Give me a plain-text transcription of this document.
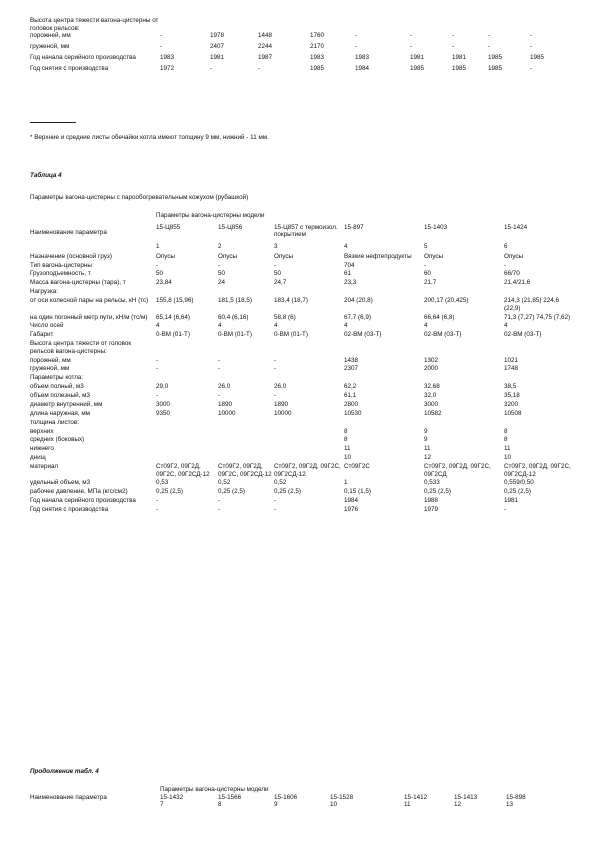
Высота центра тяжести вагона-цистерны от головок рельсов:									
порожней, мм	-	1978	1448	1760	-	-	-	-	-
груженой, мм	-	2407	2244	2170	-	-	-	-	-
Год начала серийного производства	1983	1981	1987	1983	1983	1981	1981	1985	1985
Год снятия с производства	1972	-	-	1985	1984	1985	1985	1985	-
* Верхние и средние листы обечайки котла имеют толщину 9 мм, нижний - 11 мм.
Таблица 4
Параметры вагона-цистерны с парообогревательным кожухом (рубашкой)
	Параметры вагона-цистерны модели					
Наименование параметра	15-Ц855	15-Ц856	15-Ц857 с термоизол. покрытием	15-897	15-1403	15-1424
	1	2	3	4	5	6
Назначение (основной груз)	Опусы	Опусы	Опусы	Вязкие нефтепродукты	Опусы	Опусы
Тип вагона-цистерны	-	-	-	704	-	-
Грузоподъемность, т	50	50	50	61	60	66/70
Масса вагона-цистерны (тара), т	23,84	24	24,7	23,3	21,7	21,4/21,6
Нагрузка:						
от оси колесной пары на рельсы, кН (тс)	155,8 (15,96)	181,5 (18,5)	183,4 (18,7)	204 (20,8)	200,17 (20,425)	214,3 (21,85) 224,6 (22,9)
на один погонный метр пути, кН/м (тс/м)	65,14 (6,64)	60,4 (6,16)	58,8 (6)	67,7 (6,9)	66,64 (6,8)	71,3 (7,27) 74,75 (7,62)
Число осей	4	4	4	4	4	4
Габарит	0-ВМ (01-Т)	0-ВМ (01-Т)	0-ВМ (01-Т)	02-ВМ (03-Т)	02-ВМ (03-Т)	02-ВМ (03-Т)
Высота центра тяжести от головок рельсов вагона-цистерны:						
порожней, мм	-	-	-	1438	1302	1021
груженой, мм	-	-	-	2307	2000	1748
Параметры котла:						
объем полный, м3	29,0	26,0	26,0	62,2	32,68	38,5
объем полезный, м3	-	-	-	61,1	32,0	35,18
диаметр внутренний, мм	3000	1890	1890	2800	3000	3200
длина наружная, мм	9350	10000	10000	10530	10582	10508
толщина листов:						
верхних				8	9	8
средних (боковых)				8	9	8
нижнего				11	11	11
днищ				10	12	10
материал	Ст09Г2, 09Г2Д, 09Г2С, 09Г2СД-12	Ст09Г2, 09Г2Д, 09Г2С, 09Г2СД-12	Ст09Г2, 09Г2Д, 09Г2С, 09Г2СД-12	Ст09Г2С	Ст09Г2, 09Г2Д, 09Г2С, 09Г2СД	Ст09Г2, 09Г2Д, 09Г2С, 09Г2СД-12
удельный объем, м3	0,53	0,52	0,52	1	0,533	0,559/0,50
рабочее давление, МПа (кгс/см2)	0,25 (2,5)	0,25 (2,5)	0,25 (2,5)	0,15 (1,5)	0,25 (2,5)	0,25 (2,5)
Год начала серийного производства	-	-	-	1984	1988	1981
Год снятия с производства	-	-	-	1976	1979	-
Продолжение табл. 4
	Параметры вагона-цистерны модели						
Наименование параметра	15-1432	15-1566	15-1606	15-1528	15-1412	15-1413	15-898
	7	8	9	10	11	12	13
